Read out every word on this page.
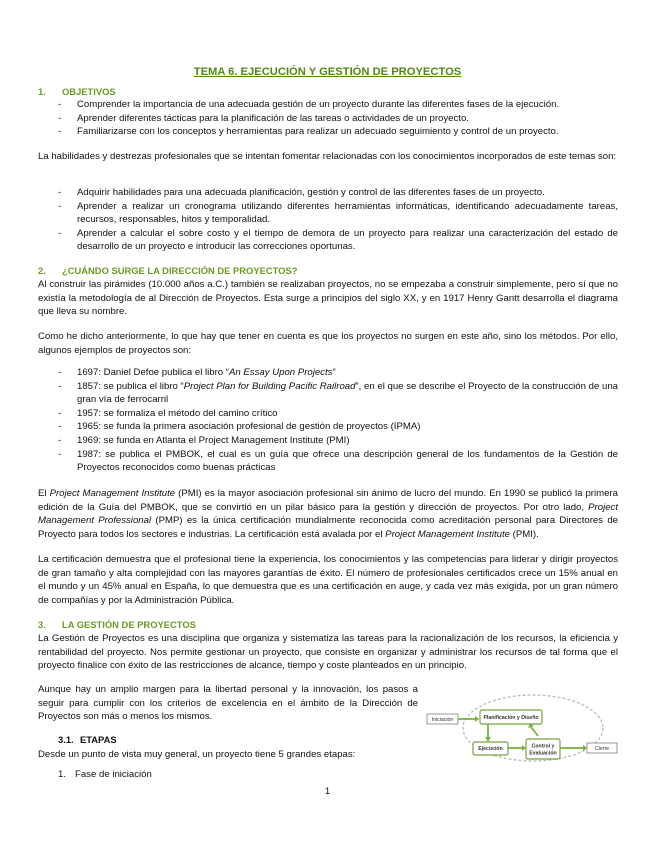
TEMA 6. EJECUCIÓN Y GESTIÓN DE PROYECTOS
1. OBJETIVOS
- Comprender la importancia de una adecuada gestión de un proyecto durante las diferentes fases de la ejecución.
- Aprender diferentes tácticas para la planificación de las tareas o actividades de un proyecto.
- Familiarizarse con los conceptos y herramientas para realizar un adecuado seguimiento y control de un proyecto.
La habilidades y destrezas profesionales que se intentan fomentar relacionadas con los conocimientos incorporados de este temas son:
- Adquirir habilidades para una adecuada planificación, gestión y control de las diferentes fases de un proyecto.
- Aprender a realizar un cronograma utilizando diferentes herramientas informáticas, identificando adecuadamente tareas, recursos, responsables, hitos y temporalidad.
- Aprender a calcular el sobre costo y el tiempo de demora de un proyecto para realizar una caracterización del estado de desarrollo de un proyecto e introducir las correcciones oportunas.
2. ¿CUÁNDO SURGE LA DIRECCIÓN DE PROYECTOS?
Al construir las pirámides (10.000 años a.C.) también se realizaban proyectos, no se empezaba a construir simplemente, pero sí que no existía la metodología de al Dirección de Proyectos. Esta surge a principios del siglo XX, y en 1917 Henry Gantt desarrolla el diagrama que lleva su nombre.
Como he dicho anteriormente, lo que hay que tener en cuenta es que los proyectos no surgen en este año, sino los métodos. Por ello, algunos ejemplos de proyectos son:
- 1697: Daniel Defoe publica el libro “An Essay Upon Projects”
- 1857: se publica el libro “Project Plan for Building Pacific Railroad”, en el que se describe el Proyecto de la construcción de una gran vía de ferrocarril
- 1957: se formaliza el método del camino crítico
- 1965: se funda la primera asociación profesional de gestión de proyectos (IPMA)
- 1969: se funda en Atlanta el Project Management Institute (PMI)
- 1987: se publica el PMBOK, el cual es un guía que ofrece una descripción general de los fundamentos de la Gestión de Proyectos reconocidos como buenas prácticas
El Project Management Institute (PMI) es la mayor asociación profesional sin ánimo de lucro del mundo. En 1990 se publicó la primera edición de la Guía del PMBOK, que se convirtió en un pilar básico para la gestión y dirección de proyectos. Por otro lado, Project Management Professional (PMP) es la única certificación mundialmente reconocida como acreditación personal para Directores de Proyecto para todos los sectores e industrias. La certificación está avalada por el Project Management Institute (PMI).
La certificación demuestra que el profesional tiene la experiencia, los conocimientos y las competencias para liderar y dirigir proyectos de gran tamaño y alta complejidad con las mayores garantías de éxito. El número de profesionales certificados crece un 15% anual en el mundo y un 45% anual en España, lo que demuestra que es una certificación en auge, y cada vez más exigida, por un gran número de compañías y por la Administración Pública.
3. LA GESTIÓN DE PROYECTOS
La Gestión de Proyectos es una disciplina que organiza y sistematiza las tareas para la racionalización de los recursos, la eficiencia y rentabilidad del proyecto. Nos permite gestionar un proyecto, que consiste en organizar y administrar los recursos de tal forma que el proyecto finalice con éxito de las restricciones de alcance, tiempo y coste planteados en un principio.
Aunque hay un amplio margen para la libertad personal y la innovación, los pasos a seguir para cumplir con los criterios de excelencia en el ámbito de la Dirección de Proyectos son más o menos los mismos.
3.1. ETAPAS
Desde un punto de vista muy general, un proyecto tiene 5 grandes etapas:
1. Fase de iniciación
Iniciación	Planificación y Diseño
Ejecución	Control y
Evaluación
Cierre
1
